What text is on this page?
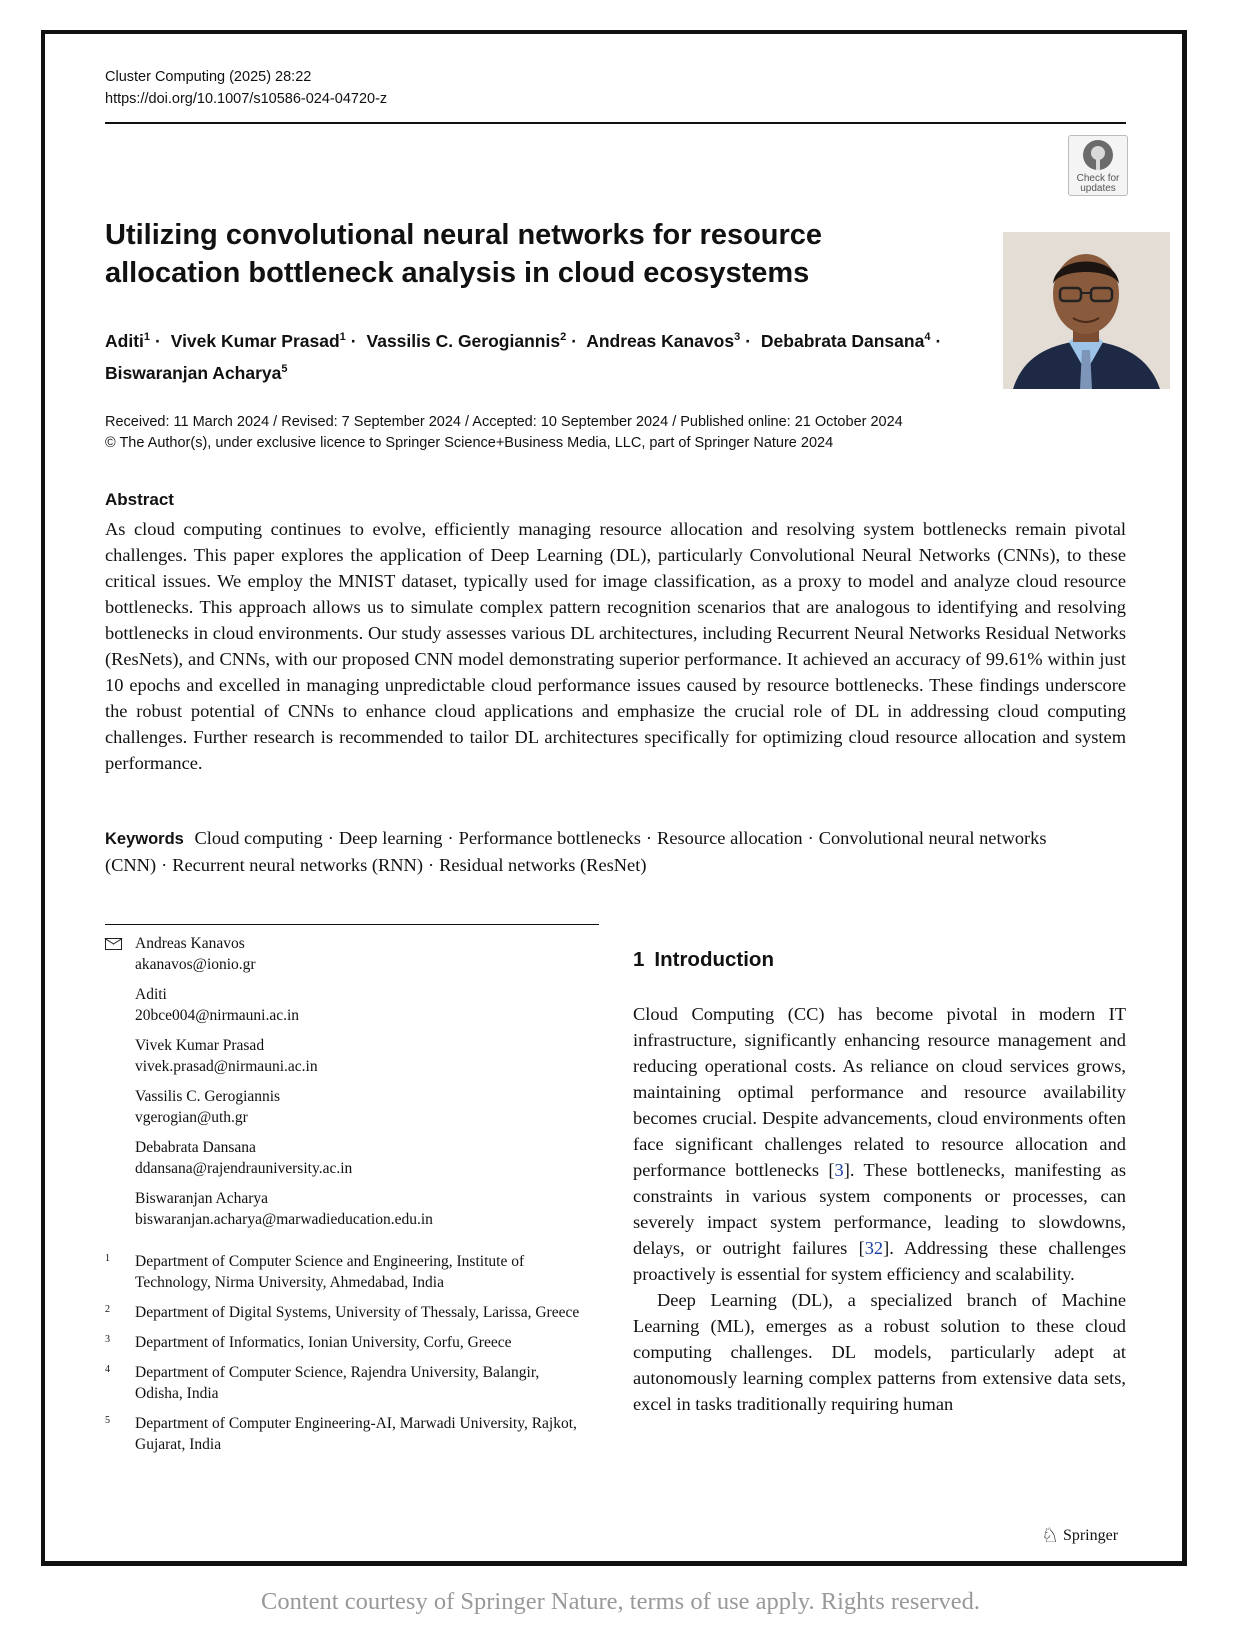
Cluster Computing (2025) 28:22
https://doi.org/10.1007/s10586-024-04720-z
Check for
updates
Utilizing convolutional neural networks for resource allocation bottleneck analysis in cloud ecosystems
Aditi$^1$ · Vivek Kumar Prasad$^1$ · Vassilis C. Gerogiannis$^2$ · Andreas Kanavos$^3$ · Debabrata Dansana$^4$ ·
Biswaranjan Acharya$^5$
Received: 11 March 2024 / Revised: 7 September 2024 / Accepted: 10 September 2024 / Published online: 21 October 2024
© The Author(s), under exclusive licence to Springer Science+Business Media, LLC, part of Springer Nature 2024
Abstract

As cloud computing continues to evolve, efficiently managing resource allocation and resolving system bottlenecks remain pivotal challenges. This paper explores the application of Deep Learning (DL), particularly Convolutional Neural Networks (CNNs), to these critical issues. We employ the MNIST dataset, typically used for image classification, as a proxy to model and analyze cloud resource bottlenecks. This approach allows us to simulate complex pattern recognition scenarios that are analogous to identifying and resolving bottlenecks in cloud environments. Our study assesses various DL architectures, including Recurrent Neural Networks Residual Networks (ResNets), and CNNs, with our proposed CNN model demonstrating superior performance. It achieved an accuracy of 99.61% within just 10 epochs and excelled in managing unpredictable cloud performance issues caused by resource bottlenecks. These findings underscore the robust potential of CNNs to enhance cloud applications and emphasize the crucial role of DL in addressing cloud computing challenges. Further research is recommended to tailor DL architectures specifically for optimizing cloud resource allocation and system performance.

Keywords Cloud computing · Deep learning · Performance bottlenecks · Resource allocation · Convolutional neural networks (CNN) · Recurrent neural networks (RNN) · Residual networks (ResNet)
Andreas Kanavos
akanavos@ionio.gr
Aditi
20bce004@nirmauni.ac.in
Vivek Kumar Prasad
vivek.prasad@nirmauni.ac.in
Vassilis C. Gerogiannis
vgerogian@uth.gr
Debabrata Dansana
ddansana@rajendrauniversity.ac.in
Biswaranjan Acharya
biswaranjan.acharya@marwadieducation.edu.in
1 Department of Computer Science and Engineering, Institute of Technology, Nirma University, Ahmedabad, India
2 Department of Digital Systems, University of Thessaly, Larissa, Greece
3 Department of Informatics, Ionian University, Corfu, Greece
4 Department of Computer Science, Rajendra University, Balangir, Odisha, India
5 Department of Computer Engineering-AI, Marwadi University, Rajkot, Gujarat, India
1 Introduction

Cloud Computing (CC) has become pivotal in modern IT infrastructure, significantly enhancing resource management and reducing operational costs. As reliance on cloud services grows, maintaining optimal performance and resource availability becomes crucial. Despite advancements, cloud environments often face significant challenges related to resource allocation and performance bottlenecks [3]. These bottlenecks, manifesting as constraints in various system components or processes, can severely impact system performance, leading to slowdowns, delays, or outright failures [32]. Addressing these challenges proactively is essential for system efficiency and scalability.

Deep Learning (DL), a specialized branch of Machine Learning (ML), emerges as a robust solution to these cloud computing challenges. DL models, particularly adept at autonomously learning complex patterns from extensive data sets, excel in tasks traditionally requiring human

♘ Springer
Content courtesy of Springer Nature, terms of use apply. Rights reserved.
